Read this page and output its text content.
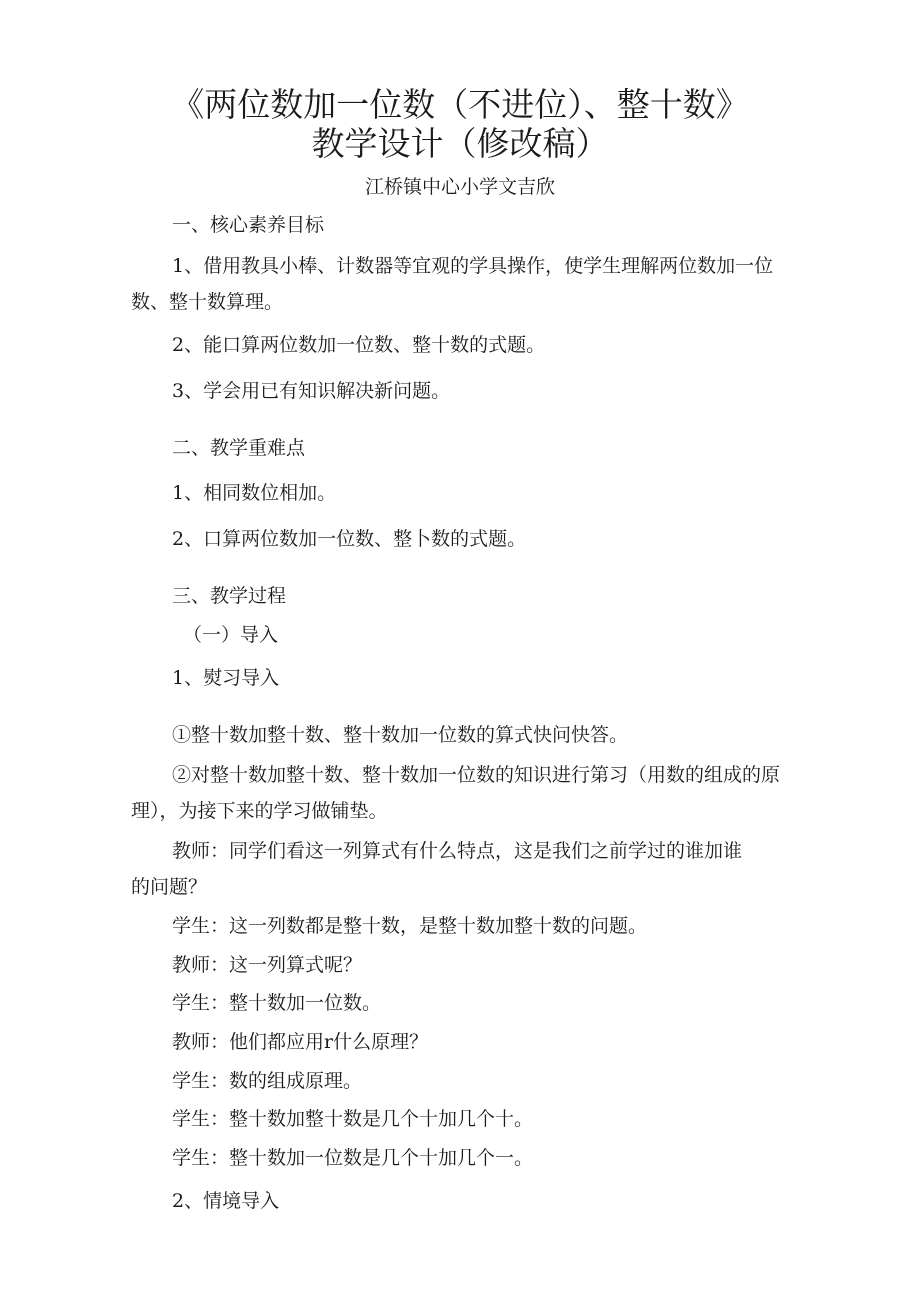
《两位数加一位数（不进位）、整十数》
教学设计（修改稿）
江桥镇中心小学文吉欣
一、核心素养目标
1、借用教具小棒、计数器等宜观的学具操作，使学生理解两位数加一位
数、整十数算理。
2、能口算两位数加一位数、整十数的式题。
3、学会用已有知识解决新问题。
二、教学重难点
1、相同数位相加。
2、口算两位数加一位数、整卜数的式题。
三、教学过程
（一）导入
1、熨习导入
①整十数加整十数、整十数加一位数的算式快问快答。
②对整十数加整十数、整十数加一位数的知识进行第习（用数的组成的原
理），为接下来的学习做铺垫。
教师：同学们看这一列算式有什么特点，这是我们之前学过的谁加谁
的问题？
学生：这一列数都是整十数，是整十数加整十数的问题。
教师：这一列算式呢？
学生：整十数加一位数。
教师：他们都应用r什么原理？
学生：数的组成原理。
学生：整十数加整十数是几个十加几个十。
学生：整十数加一位数是几个十加几个一。
2、情境导入
